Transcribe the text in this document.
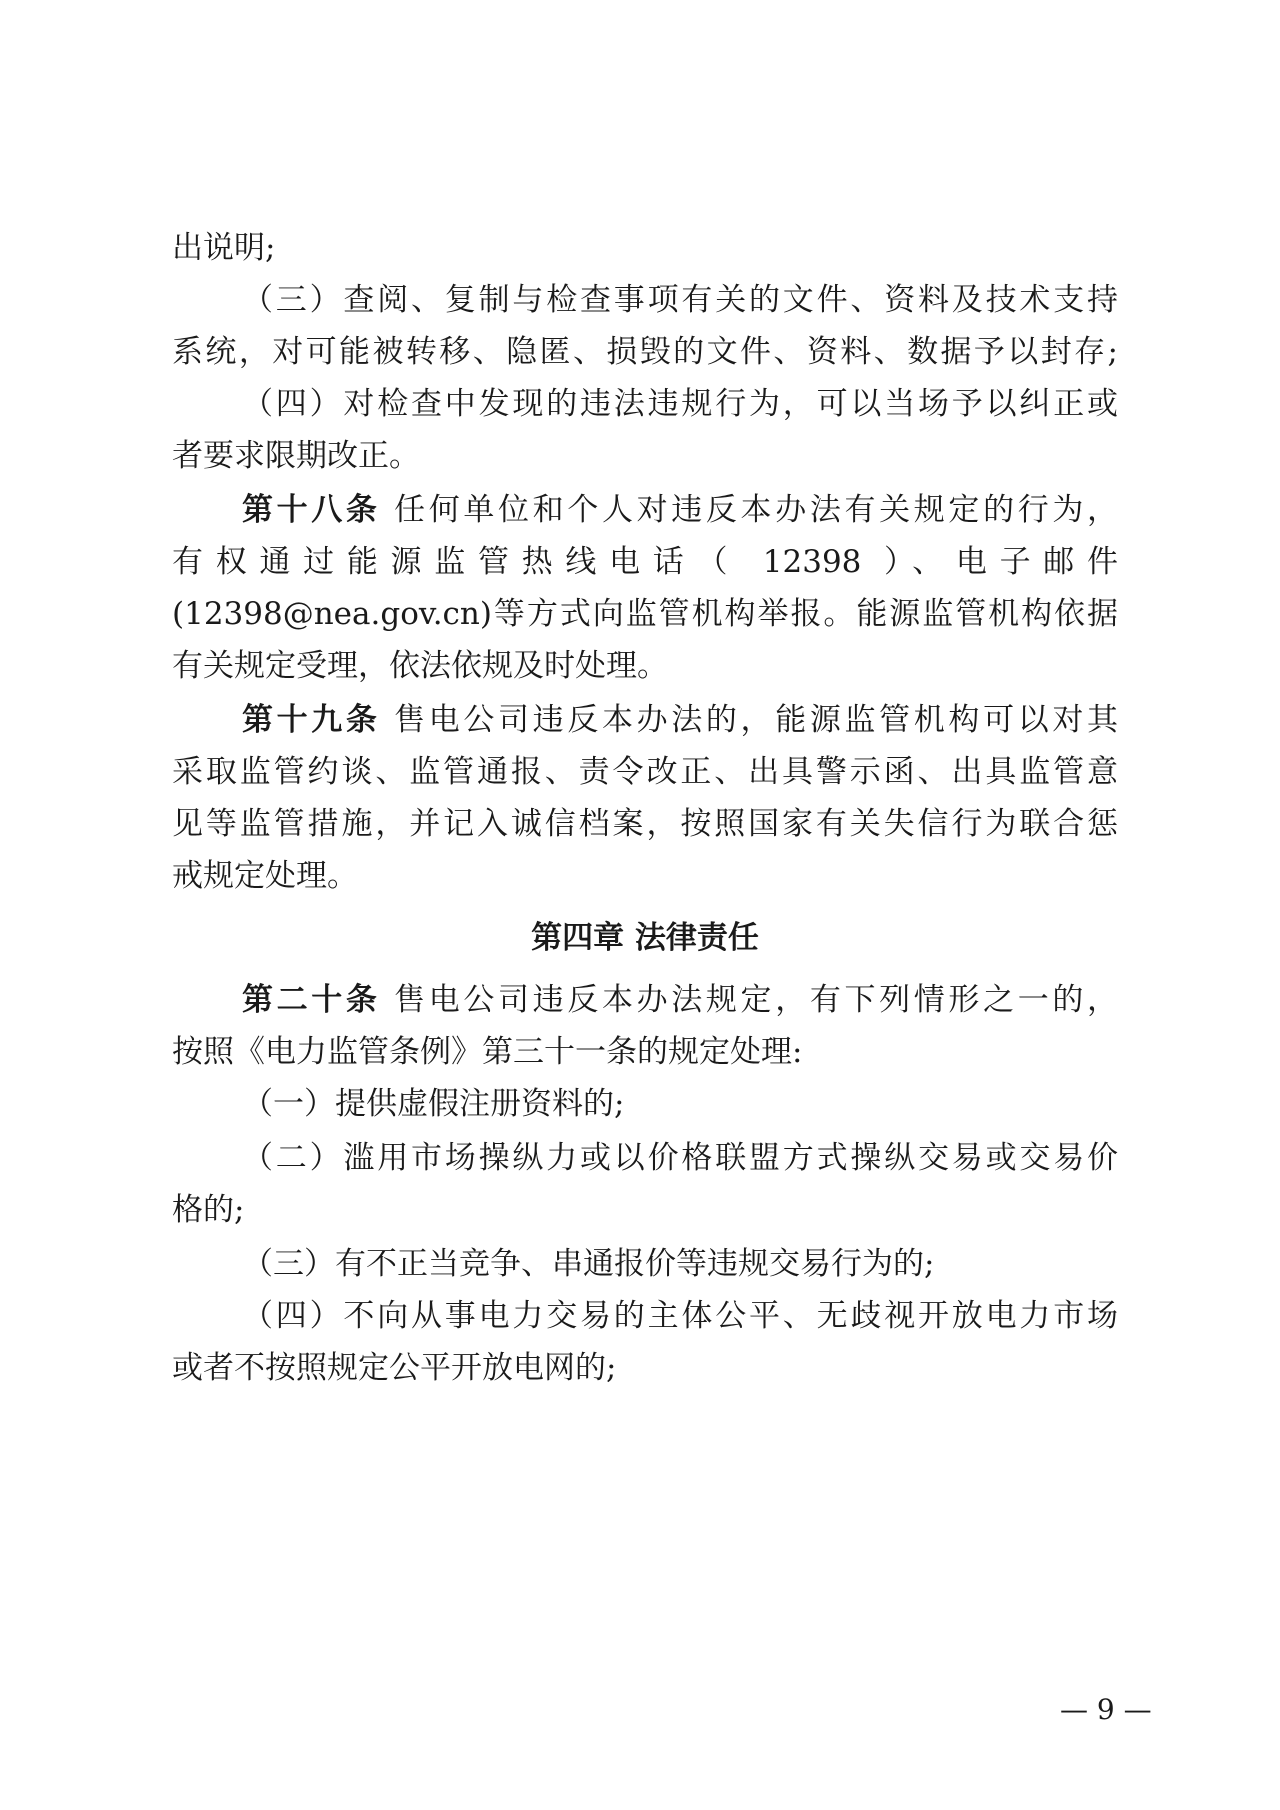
出说明;
（三）查阅、复制与检查事项有关的文件、资料及技术支持
系统，对可能被转移、隐匿、损毁的文件、资料、数据予以封存;
（四）对检查中发现的违法违规行为，可以当场予以纠正或
者要求限期改正。
第十八条 任何单位和个人对违反本办法有关规定的行为，
有权通过能源监管热线电话（ 12398 ）、电子邮件
(12398@nea.gov.cn)等方式向监管机构举报。能源监管机构依据
有关规定受理，依法依规及时处理。
第十九条 售电公司违反本办法的，能源监管机构可以对其
采取监管约谈、监管通报、责令改正、出具警示函、出具监管意
见等监管措施，并记入诚信档案，按照国家有关失信行为联合惩
戒规定处理。
第四章 法律责任
第二十条 售电公司违反本办法规定，有下列情形之一的，
按照《电力监管条例》第三十一条的规定处理:
（一）提供虚假注册资料的;
（二）滥用市场操纵力或以价格联盟方式操纵交易或交易价
格的;
（三）有不正当竞争、串通报价等违规交易行为的;
（四）不向从事电力交易的主体公平、无歧视开放电力市场
或者不按照规定公平开放电网的;
— 9 —
